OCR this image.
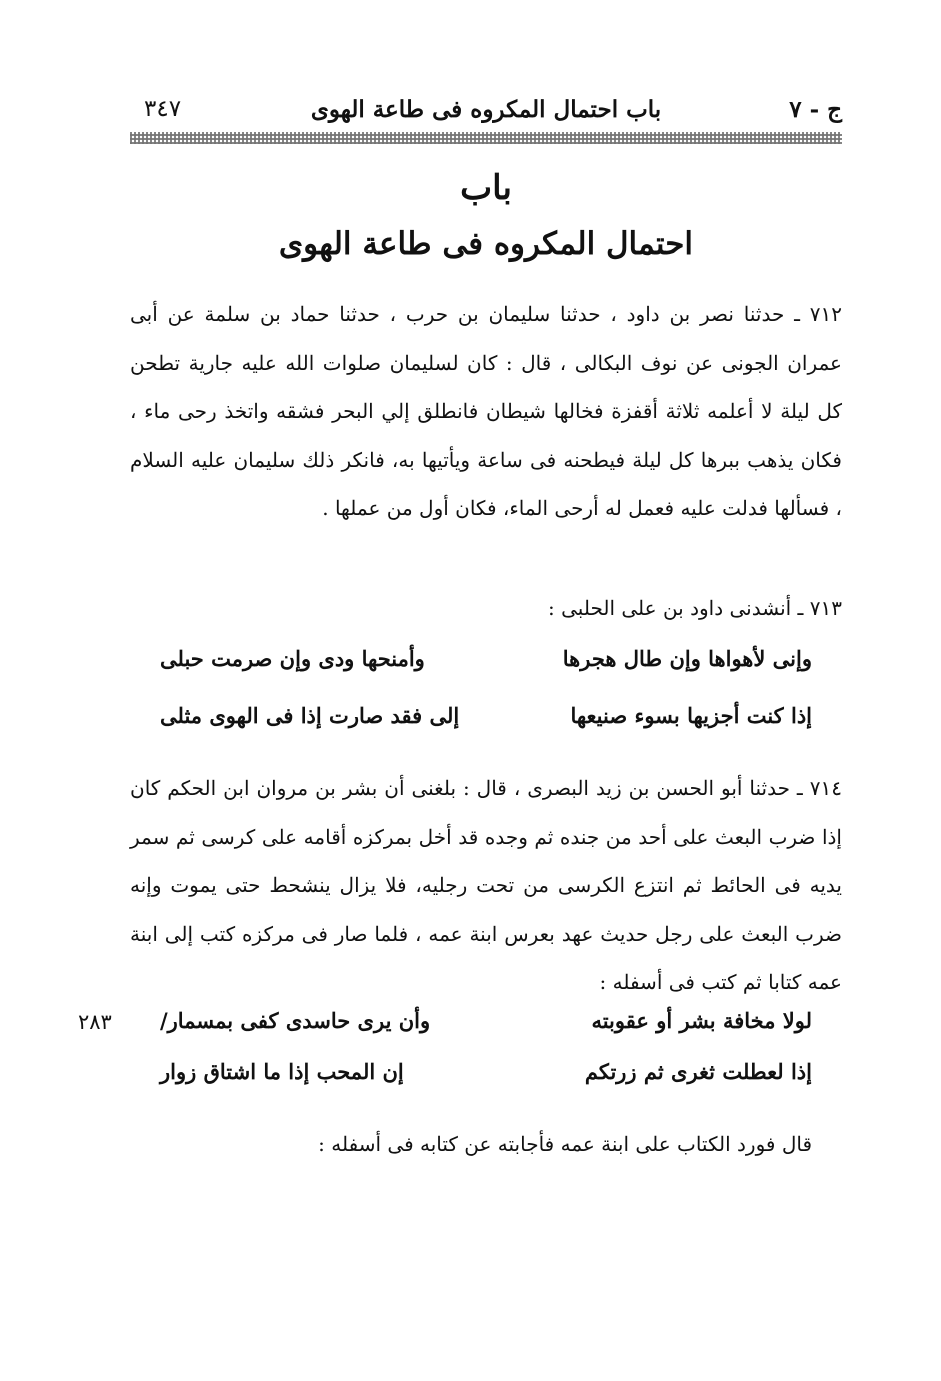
ج - ٧
باب احتمال المكروه فى طاعة الهوى
٣٤٧
باب
احتمال المكروه فى طاعة الهوى

٧١٢ ـ حدثنا نصر بن داود ، حدثنا سليمان بن حرب ، حدثنا حماد بن سلمة عن أبى عمران الجونى عن نوف البكالى ، قال : كان لسليمان صلوات الله عليه جارية تطحن كل ليلة لا أعلمه ثلاثة أقفزة فخالها شيطان فانطلق إلي البحر فشقه واتخذ رحى ماء ، فكان يذهب ببرها كل ليلة فيطحنه فى ساعة ويأتيها به، فانكر ذلك سليمان عليه السلام ، فسألها فدلت عليه فعمل له أرحى الماء، فكان أول من عملها .

٧١٣ ـ أنشدنى داود بن على الحلبى :

وإنى لأهواها وإن طال هجرها
وأمنحها ودى وإن صرمت حبلى
إذا كنت أجزيها بسوء صنيعها
إلى فقد صارت إذا فى الهوى مثلى

٧١٤ ـ حدثنا أبو الحسن بن زيد البصرى ، قال : بلغنى أن بشر بن مروان ابن الحكم كان إذا ضرب البعث على أحد من جنده ثم وجده قد أخل بمركزه أقامه على كرسى ثم سمر يديه فى الحائط ثم انتزع الكرسى من تحت رجليه، فلا يزال ينشحط حتى يموت وإنه ضرب البعث على رجل حديث عهد بعرس ابنة عمه ، فلما صار فى مركزه كتب إلى ابنة عمه كتابا ثم كتب فى أسفله :

لولا مخافة بشر أو عقوبته
وأن يرى حاسدى كفى بمسمار/
٢٨٣
إذا لعطلت ثغرى ثم زرتكم
إن المحب إذا ما اشتاق زوار

قال فورد الكتاب على ابنة عمه فأجابته عن كتابه فى أسفله :
